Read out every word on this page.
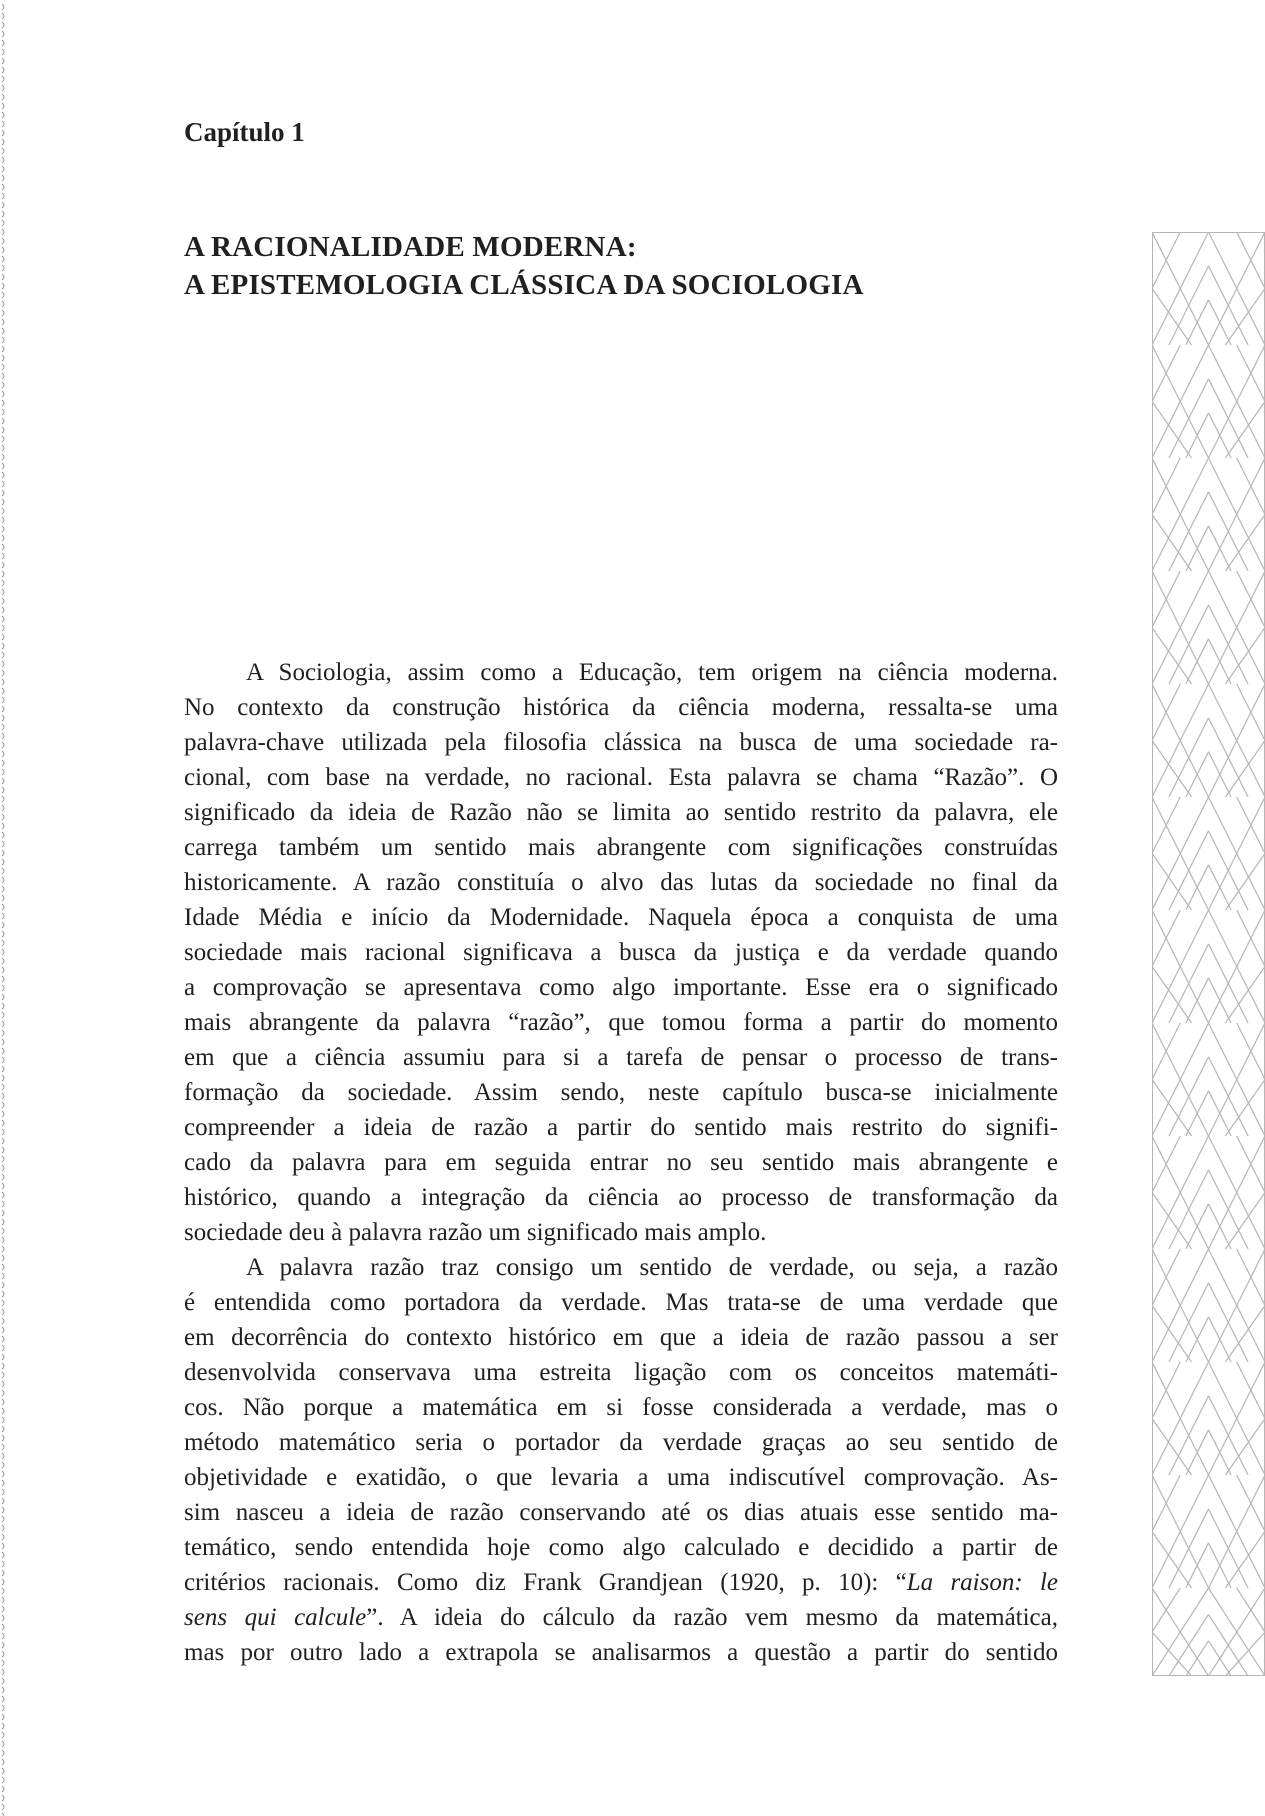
Capítulo 1
A RACIONALIDADE MODERNA:
A EPISTEMOLOGIA CLÁSSICA DA SOCIOLOGIA

A Sociologia, assim como a Educação, tem origem na ciência moderna.
No contexto da construção histórica da ciência moderna, ressalta-se uma
palavra-chave utilizada pela filosofia clássica na busca de uma sociedade ra-
cional, com base na verdade, no racional. Esta palavra se chama “Razão”. O
significado da ideia de Razão não se limita ao sentido restrito da palavra, ele
carrega também um sentido mais abrangente com significações construídas
historicamente. A razão constituía o alvo das lutas da sociedade no final da
Idade Média e início da Modernidade. Naquela época a conquista de uma
sociedade mais racional significava a busca da justiça e da verdade quando
a comprovação se apresentava como algo importante. Esse era o significado
mais abrangente da palavra “razão”, que tomou forma a partir do momento
em que a ciência assumiu para si a tarefa de pensar o processo de trans-
formação da sociedade. Assim sendo, neste capítulo busca-se inicialmente
compreender a ideia de razão a partir do sentido mais restrito do signifi-
cado da palavra para em seguida entrar no seu sentido mais abrangente e
histórico, quando a integração da ciência ao processo de transformação da
sociedade deu à palavra razão um significado mais amplo.

A palavra razão traz consigo um sentido de verdade, ou seja, a razão
é entendida como portadora da verdade. Mas trata-se de uma verdade que
em decorrência do contexto histórico em que a ideia de razão passou a ser
desenvolvida conservava uma estreita ligação com os conceitos matemáti-
cos. Não porque a matemática em si fosse considerada a verdade, mas o
método matemático seria o portador da verdade graças ao seu sentido de
objetividade e exatidão, o que levaria a uma indiscutível comprovação. As-
sim nasceu a ideia de razão conservando até os dias atuais esse sentido ma-
temático, sendo entendida hoje como algo calculado e decidido a partir de
critérios racionais. Como diz Frank Grandjean (1920, p. 10): “La raison: le
sens qui calcule”. A ideia do cálculo da razão vem mesmo da matemática,
mas por outro lado a extrapola se analisarmos a questão a partir do sentido
